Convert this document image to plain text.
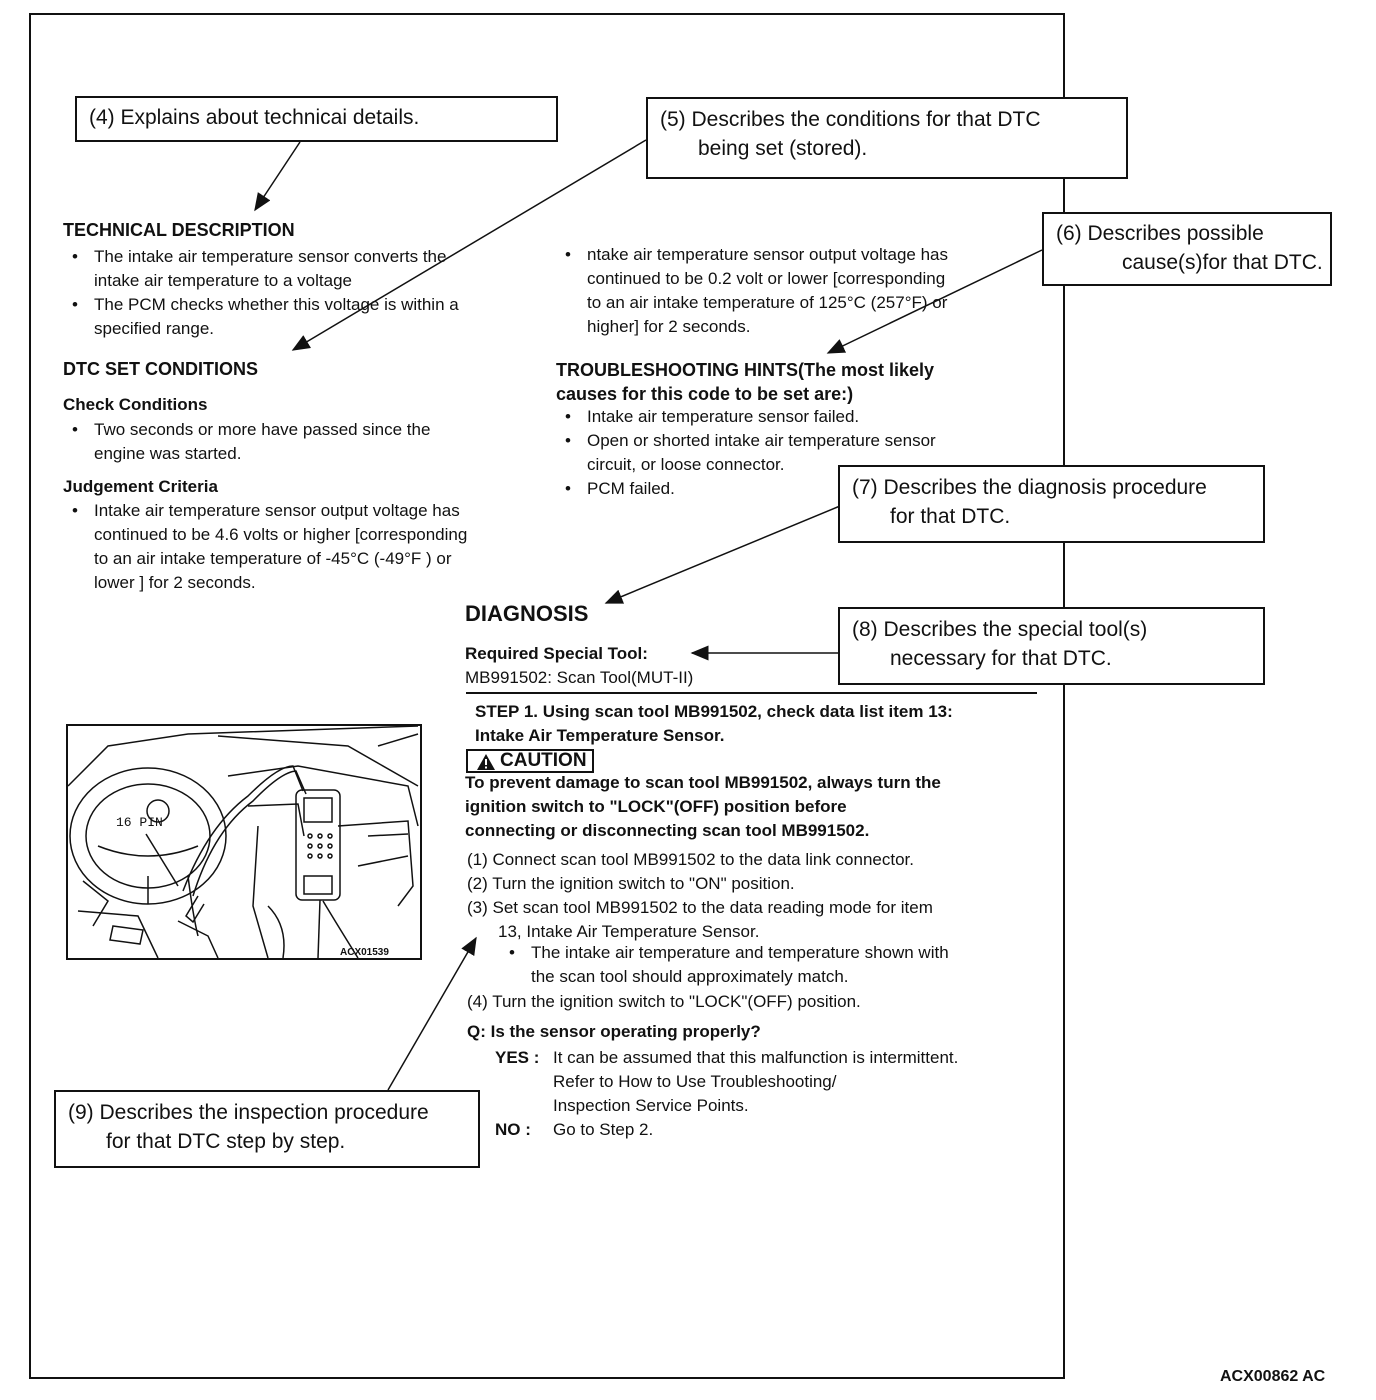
(4) Explains about technicai details.	(5) Describes the conditions for that DTC
being set (stored).
(6) Describes possible
cause(s)for that DTC.
(7) Describes the diagnosis procedure
for that DTC.
(8) Describes the special tool(s)
necessary for that DTC.
(9) Describes the inspection procedure
for that DTC step by step.
TECHNICAL DESCRIPTION
• The intake air temperature sensor converts the
intake air temperature to a voltage
• The PCM checks whether this voltage is within a
specified range.
DTC SET CONDITIONS
Check Conditions
• Two seconds or more have passed since the
engine was started.
Judgement Criteria
• Intake air temperature sensor output voltage has
continued to be 4.6 volts or higher [corresponding
to an air intake temperature of -45°C (-49°F ) or
lower ] for 2 seconds.
• ntake air temperature sensor output voltage has
continued to be 0.2 volt or lower [corresponding
to an air intake temperature of 125°C (257°F) or
higher] for 2 seconds.
TROUBLESHOOTING HINTS(The most likely
causes for this code to be set are:)
• Intake air temperature sensor failed.
• Open or shorted intake air temperature sensor
circuit, or loose connector.
• PCM failed.
DIAGNOSIS
Required Special Tool:
MB991502: Scan Tool(MUT-II)
STEP 1. Using scan tool MB991502, check data list item 13:
Intake Air Temperature Sensor.
CAUTION
To prevent damage to scan tool MB991502, always turn the
ignition switch to "LOCK"(OFF) position before
connecting or disconnecting scan tool MB991502.
(1) Connect scan tool MB991502 to the data link connector.
(2) Turn the ignition switch to "ON" position.
(3) Set scan tool MB991502 to the data reading mode for item
13, Intake Air Temperature Sensor.
• The intake air temperature and temperature shown with
the scan tool should approximately match.
(4) Turn the ignition switch to "LOCK"(OFF) position.
Q: Is the sensor operating properly?
YES : It can be assumed that this malfunction is intermittent.
Refer to How to Use Troubleshooting/
Inspection Service Points.
NO : Go to Step 2.
16 PIN
ACX01539
ACX00862 AC
